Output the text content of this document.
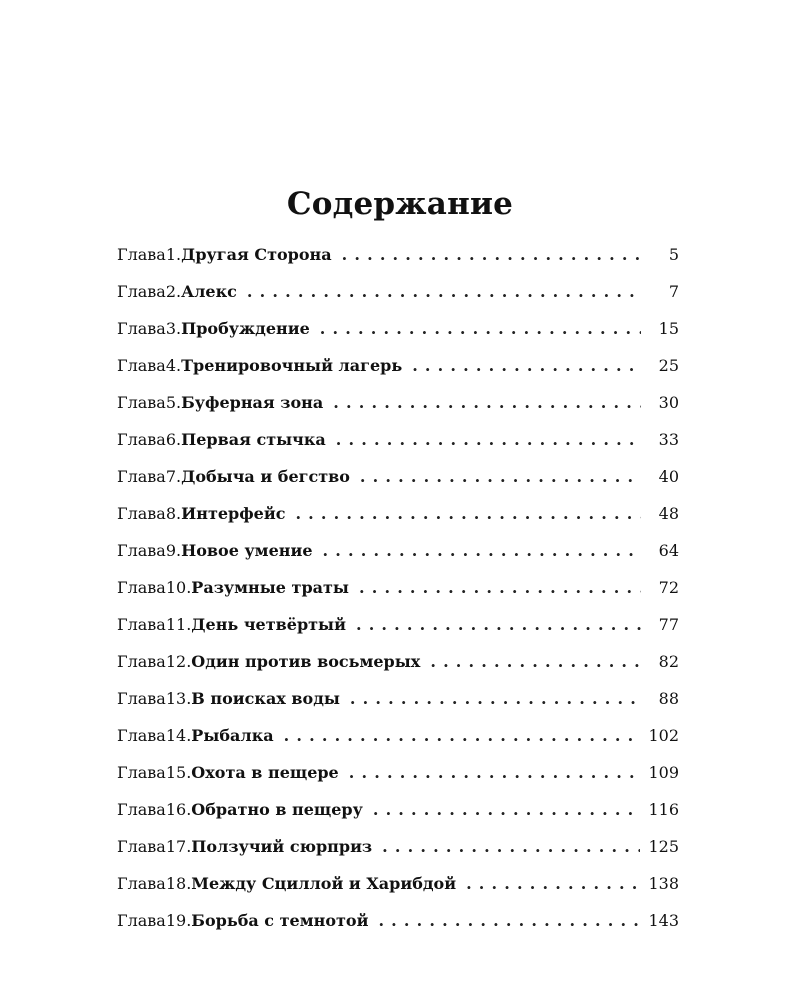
Содержание
Глава 1. Другая Сторона . . .	5
Глава 2. Алекс . . .	7
Глава 3. Пробуждение . . .	15
Глава 4. Тренировочный лагерь . . .	25
Глава 5. Буферная зона . . .	30
Глава 6. Первая стычка . . .	33
Глава 7. Добыча и бегство . . .	40
Глава 8. Интерфейс . . .	48
Глава 9. Новое умение . . .	64
Глава 10. Разумные траты . . .	72
Глава 11. День четвёртый . . .	77
Глава 12. Один против восьмерых . . .	82
Глава 13. В поисках воды . . .	88
Глава 14. Рыбалка . . .	102
Глава 15. Охота в пещере . . .	109
Глава 16. Обратно в пещеру . . .	116
Глава 17. Ползучий сюрприз . . .	125
Глава 18. Между Сциллой и Харибдой . . .	138
Глава 19. Борьба с темнотой . . .	143
